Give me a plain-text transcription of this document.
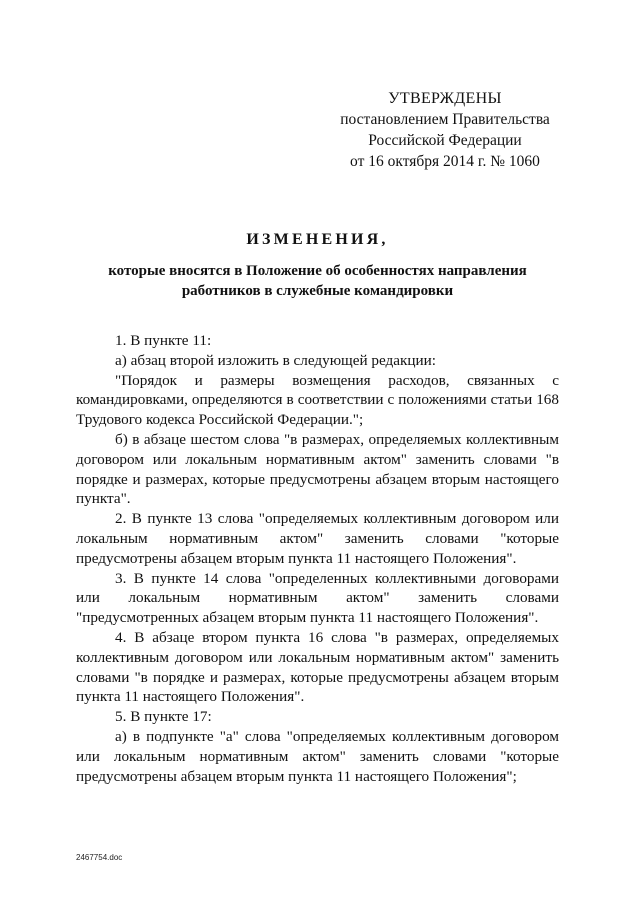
УТВЕРЖДЕНЫ
постановлением Правительства
Российской Федерации
от 16 октября 2014 г. № 1060
ИЗМЕНЕНИЯ,
которые вносятся в Положение об особенностях направления
работников в служебные командировки

1. В пункте 11:

а) абзац второй изложить в следующей редакции:

"Порядок и размеры возмещения расходов, связанных с командировками, определяются в соответствии с положениями статьи 168 Трудового кодекса Российской Федерации.";

б) в абзаце шестом слова "в размерах, определяемых коллективным договором или локальным нормативным актом" заменить словами "в порядке и размерах, которые предусмотрены абзацем вторым настоящего пункта".

2. В пункте 13 слова "определяемых коллективным договором или локальным нормативным актом" заменить словами "которые предусмотрены абзацем вторым пункта 11 настоящего Положения".

3. В пункте 14 слова "определенных коллективными договорами или локальным нормативным актом" заменить словами "предусмотренных абзацем вторым пункта 11 настоящего Положения".

4. В абзаце втором пункта 16 слова "в размерах, определяемых коллективным договором или локальным нормативным актом" заменить словами "в порядке и размерах, которые предусмотрены абзацем вторым пункта 11 настоящего Положения".

5. В пункте 17:

а) в подпункте "а" слова "определяемых коллективным договором или локальным нормативным актом" заменить словами "которые предусмотрены абзацем вторым пункта 11 настоящего Положения";

2467754.doc
